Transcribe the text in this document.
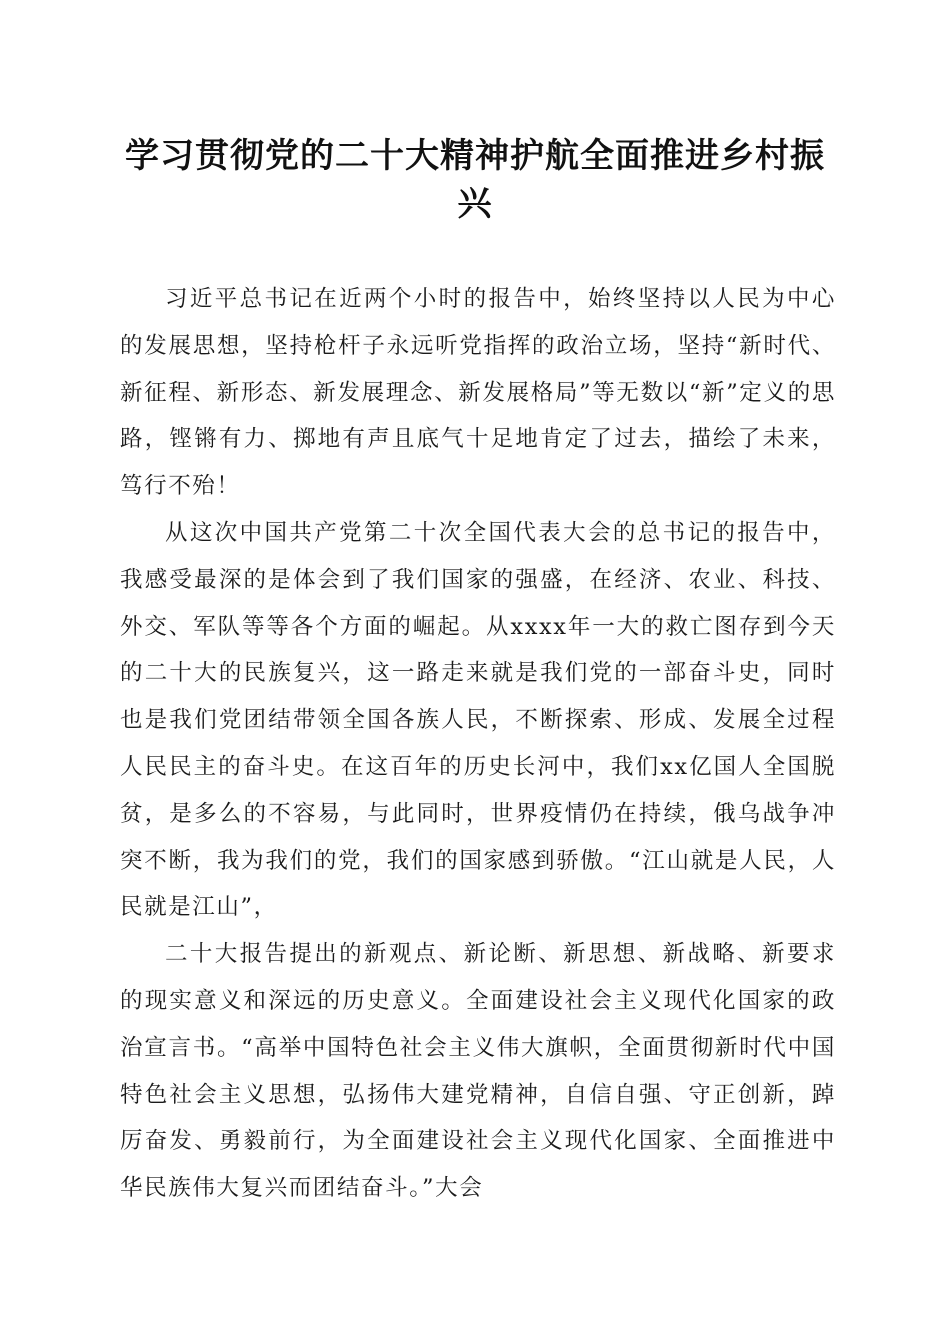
学习贯彻党的二十大精神护航全面推进乡村振兴

习近平总书记在近两个小时的报告中，始终坚持以人民为中心的发展思想，坚持枪杆子永远听党指挥的政治立场，坚持“新时代、新征程、新形态、新发展理念、新发展格局”等无数以“新”定义的思路，铿锵有力、掷地有声且底气十足地肯定了过去，描绘了未来，笃行不殆！

从这次中国共产党第二十次全国代表大会的总书记的报告中，我感受最深的是体会到了我们国家的强盛，在经济、农业、科技、外交、军队等等各个方面的崛起。从xxxx年一大的救亡图存到今天的二十大的民族复兴，这一路走来就是我们党的一部奋斗史，同时也是我们党团结带领全国各族人民，不断探索、形成、发展全过程人民民主的奋斗史。在这百年的历史长河中，我们xx亿国人全国脱贫，是多么的不容易，与此同时，世界疫情仍在持续，俄乌战争冲突不断，我为我们的党，我们的国家感到骄傲。“江山就是人民，人民就是江山”，

二十大报告提出的新观点、新论断、新思想、新战略、新要求的现实意义和深远的历史意义。全面建设社会主义现代化国家的政治宣言书。“高举中国特色社会主义伟大旗帜，全面贯彻新时代中国特色社会主义思想，弘扬伟大建党精神，自信自强、守正创新，踔厉奋发、勇毅前行，为全面建设社会主义现代化国家、全面推进中华民族伟大复兴而团结奋斗。”大会
